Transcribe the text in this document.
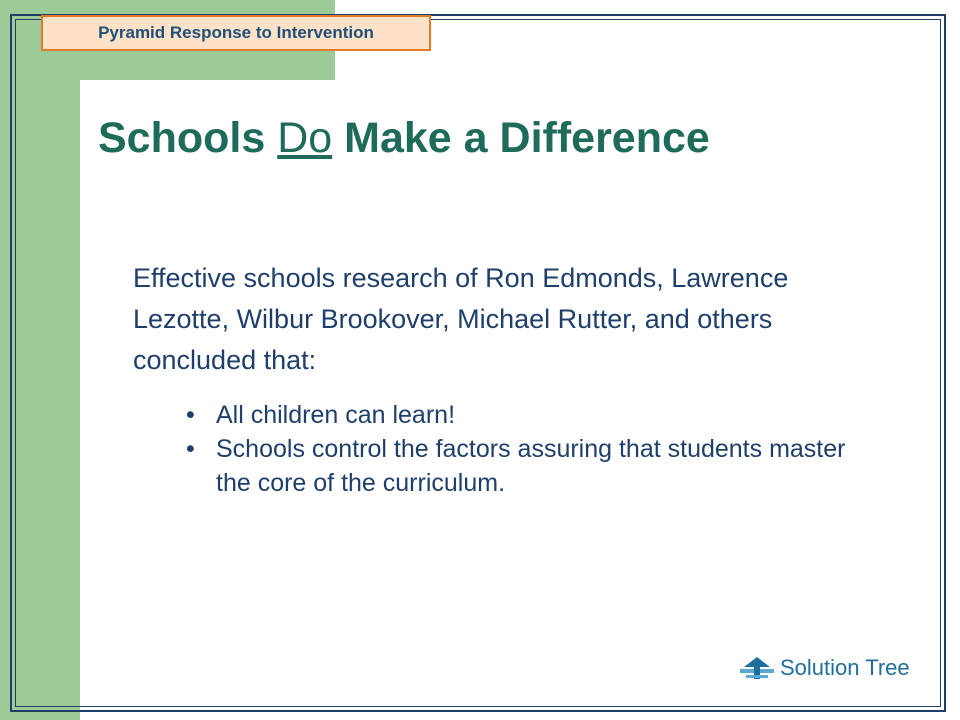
Pyramid Response to Intervention
Schools Do Make a Difference
Effective schools research of Ron Edmonds, Lawrence Lezotte, Wilbur Brookover, Michael Rutter, and others concluded that:
• All children can learn!
• Schools control the factors assuring that students master the core of the curriculum.
Solution Tree
